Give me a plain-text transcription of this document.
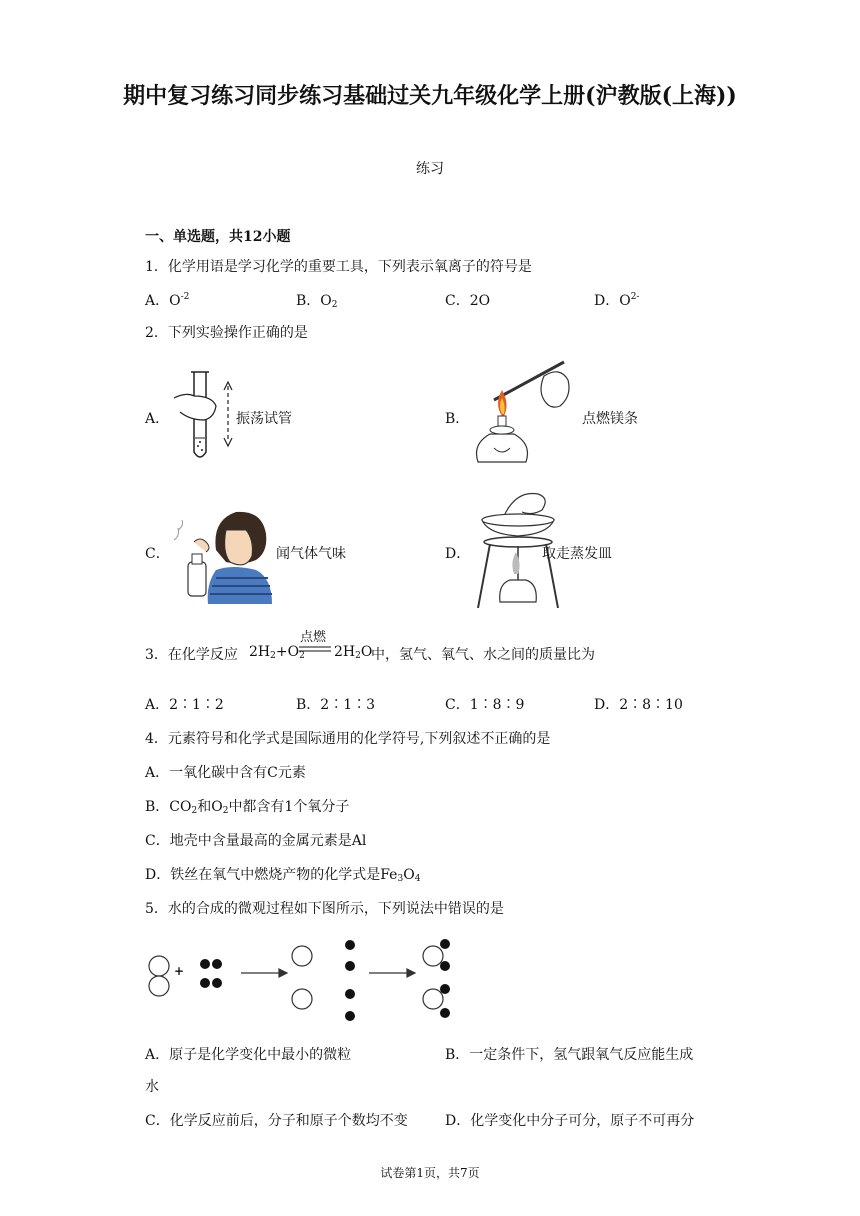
期中复习练习同步练习基础过关九年级化学上册(沪教版(上海))
练习
一、单选题，共12小题
1．化学用语是学习化学的重要工具，下列表示氧离子的符号是
A．$O^{-2}$	B．$O_2$	C．2O	D．$O^{2-}$
2．下列实验操作正确的是
A．	振荡试管	B．	点燃镁条
C．	闻气体气味	D．	取走蒸发皿
3．在化学反应 $2H_2+O_2$
点燃
$2H_2O$
中，氢气、氧气、水之间的质量比为
A．2∶1∶2	B．2∶1∶3	C．1∶8∶9	D．2∶8∶10
4．元素符号和化学式是国际通用的化学符号,下列叙述不正确的是
A．一氧化碳中含有C元素
B．$CO_2$和$O_2$中都含有1个氧分子
C．地壳中含量最高的金属元素是Al
D．铁丝在氧气中燃烧产物的化学式是$Fe_3O_4$
5．水的合成的微观过程如下图所示，下列说法中错误的是
+
A．原子是化学变化中最小的微粒	B．一定条件下，氢气跟氧气反应能生成
水
C．化学反应前后，分子和原子个数均不变	D．化学变化中分子可分，原子不可再分
试卷第1页，共7页
